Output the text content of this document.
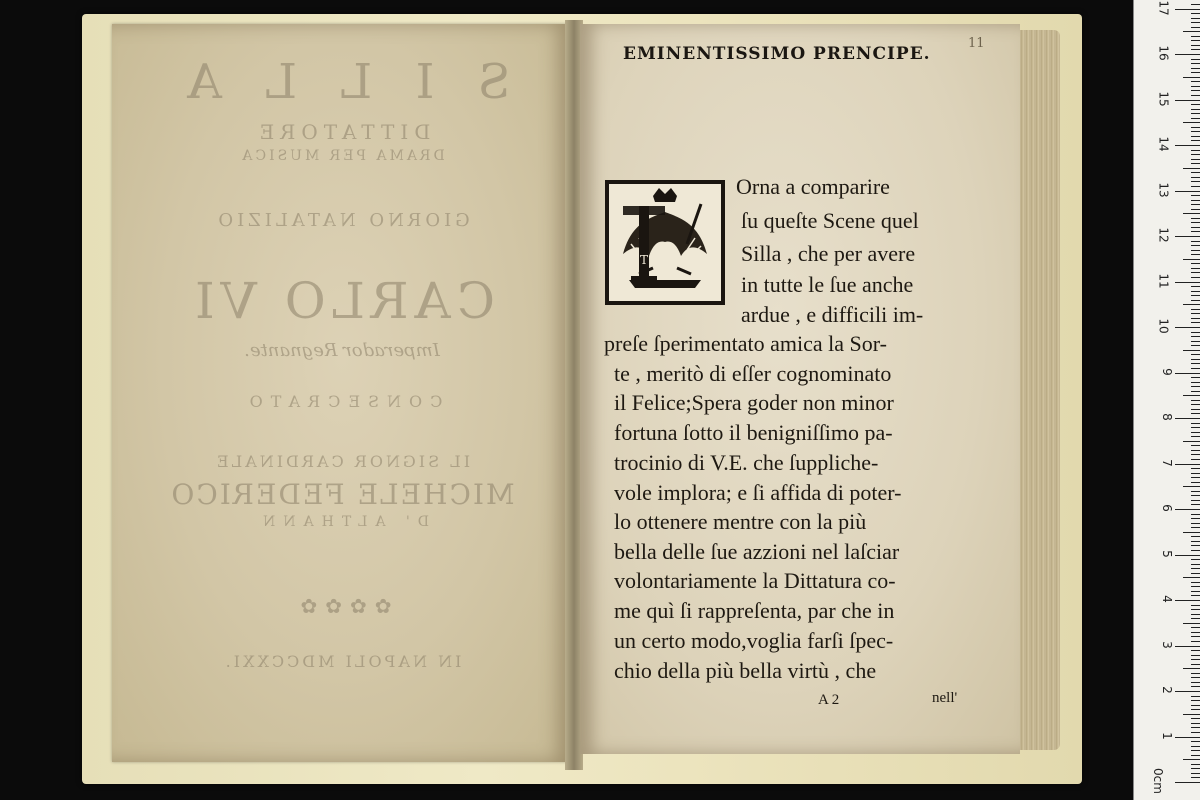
S I L L A
DITTATORE
DRAMA PER MUSICA
GIORNO NATALIZIO
CARLO VI
Imperador Regnante.
CONSECRATO
IL SIGNOR CARDINALE
MICHELE FEDERICO
D' ALTHANN
✿✿✿✿
IN NAPOLI MDCCXXI.
EMINENTISSIMO PRENCIPE.
11
T
Orna a comparire
ſu queſte Scene quel
Silla , che per avere
in tutte le ſue anche
ardue , e difficili im-
preſe ſperimentato amica la Sor-
te , meritò di eſſer cognominato
il Felice;Spera goder non minor
fortuna ſotto il benigniſſimo pa-
trocinio di V.E. che ſuppliche-
vole implora; e ſi affida di poter-
lo ottenere mentre con la più
bella delle ſue azzioni nel laſciar
volontariamente la Dittatura co-
me quì ſi rappreſenta, par che in
un certo modo,voglia farſi ſpec-
chio della più bella virtù , che
A 2	nell'
0cm
1
2
3
4
5
6
7
8
9
10
11
12
13
14
15
16
17
